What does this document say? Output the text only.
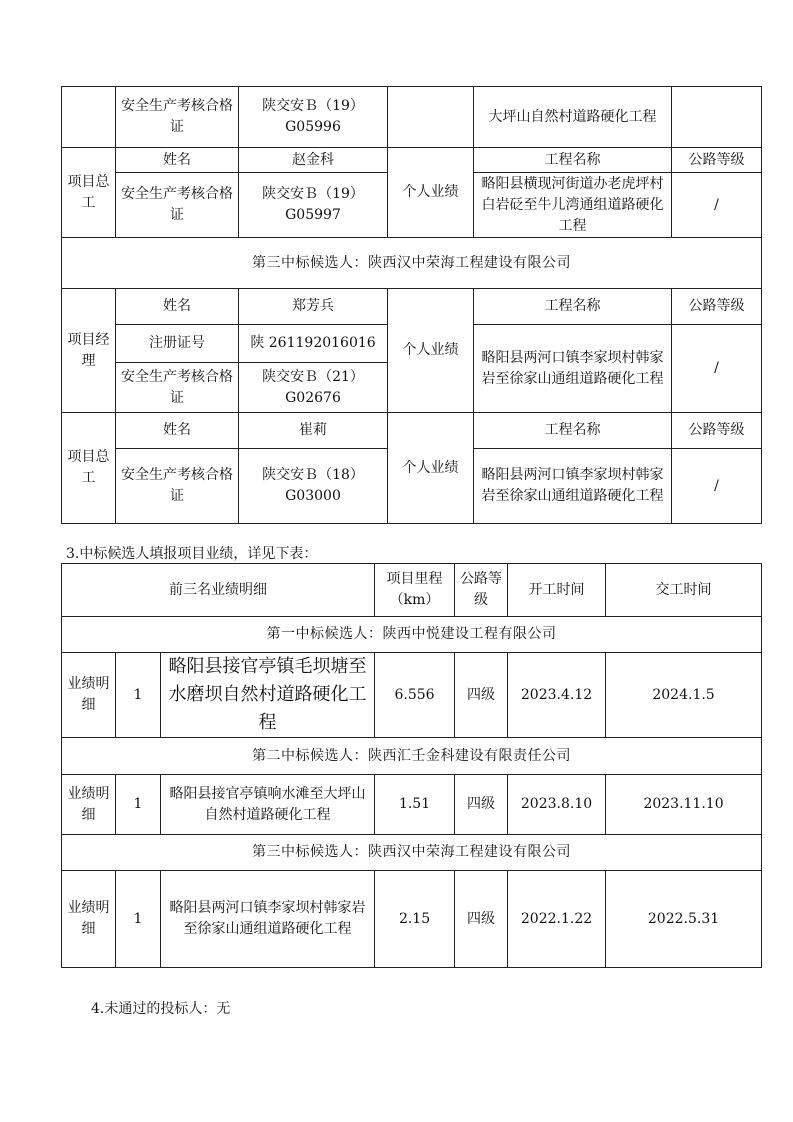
	安全生产考核合格证	陕交安Ｂ（19）G05996		大坪山自然村道路硬化工程	
项目总工	姓名	赵金科	个人业绩	工程名称	公路等级
	安全生产考核合格证	陕交安Ｂ（19）G05997		略阳县横现河街道办老虎坪村白岩砭至牛儿湾通组道路硬化工程	/
第三中标候选人：陕西汉中荣海工程建设有限公司					
项目经理	姓名	郑芳兵	个人业绩	工程名称	公路等级
	注册证号	陕 261192016016		略阳县两河口镇李家坝村韩家岩至徐家山通组道路硬化工程	/
	安全生产考核合格证	陕交安Ｂ（21）G02676			
项目总工	姓名	崔莉	个人业绩	工程名称	公路等级
	安全生产考核合格证	陕交安Ｂ（18）G03000		略阳县两河口镇李家坝村韩家岩至徐家山通组道路硬化工程	/
3.中标候选人填报项目业绩，详见下表：
前三名业绩明细			项目里程（km）	公路等级	开工时间	交工时间
第一中标候选人：陕西中悦建设工程有限公司						
业绩明细	1	略阳县接官亭镇毛坝塘至水磨坝自然村道路硬化工程	6.556	四级	2023.4.12	2024.1.5
第二中标候选人：陕西汇壬金科建设有限责任公司						
业绩明细	1	略阳县接官亭镇响水滩至大坪山自然村道路硬化工程	1.51	四级	2023.8.10	2023.11.10
第三中标候选人：陕西汉中荣海工程建设有限公司						
业绩明细	1	略阳县两河口镇李家坝村韩家岩至徐家山通组道路硬化工程	2.15	四级	2022.1.22	2022.5.31
4.未通过的投标人：无
